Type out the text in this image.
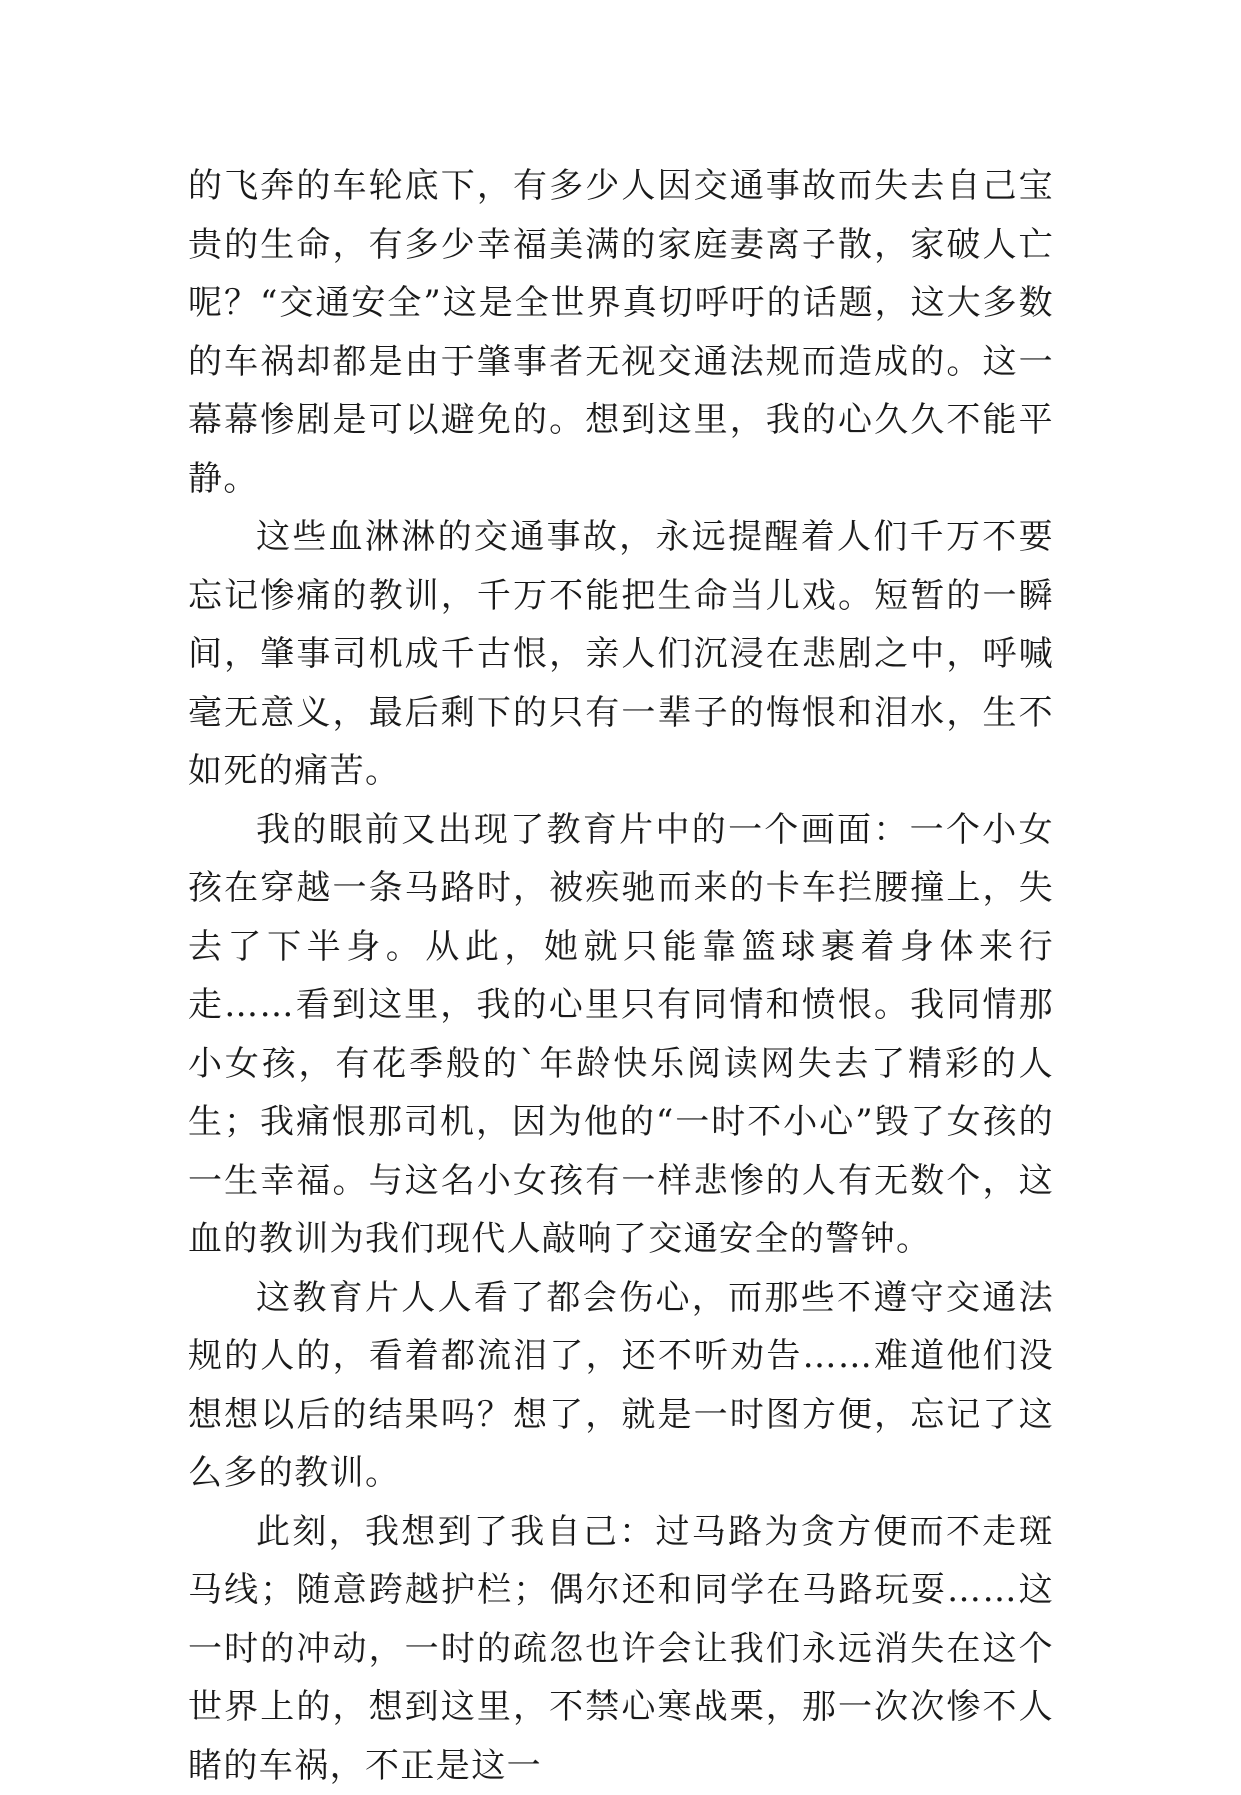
的飞奔的车轮底下，有多少人因交通事故而失去自己宝贵的生命，有多少幸福美满的家庭妻离子散，家破人亡呢？“交通安全”这是全世界真切呼吁的话题，这大多数的车祸却都是由于肇事者无视交通法规而造成的。这一幕幕惨剧是可以避免的。想到这里，我的心久久不能平静。

这些血淋淋的交通事故，永远提醒着人们千万不要忘记惨痛的教训，千万不能把生命当儿戏。短暂的一瞬间，肇事司机成千古恨，亲人们沉浸在悲剧之中，呼喊毫无意义，最后剩下的只有一辈子的悔恨和泪水，生不如死的痛苦。

我的眼前又出现了教育片中的一个画面：一个小女孩在穿越一条马路时，被疾驰而来的卡车拦腰撞上，失去了下半身。从此，她就只能靠篮球裹着身体来行走……看到这里，我的心里只有同情和愤恨。我同情那小女孩，有花季般的`年龄快乐阅读网失去了精彩的人生；我痛恨那司机，因为他的“一时不小心”毁了女孩的一生幸福。与这名小女孩有一样悲惨的人有无数个，这血的教训为我们现代人敲响了交通安全的警钟。

这教育片人人看了都会伤心，而那些不遵守交通法规的人的，看着都流泪了，还不听劝告……难道他们没想想以后的结果吗？想了，就是一时图方便，忘记了这么多的教训。

此刻，我想到了我自己：过马路为贪方便而不走斑马线；随意跨越护栏；偶尔还和同学在马路玩耍……这一时的冲动，一时的疏忽也许会让我们永远消失在这个世界上的，想到这里，不禁心寒战栗，那一次次惨不人睹的车祸，不正是这一
